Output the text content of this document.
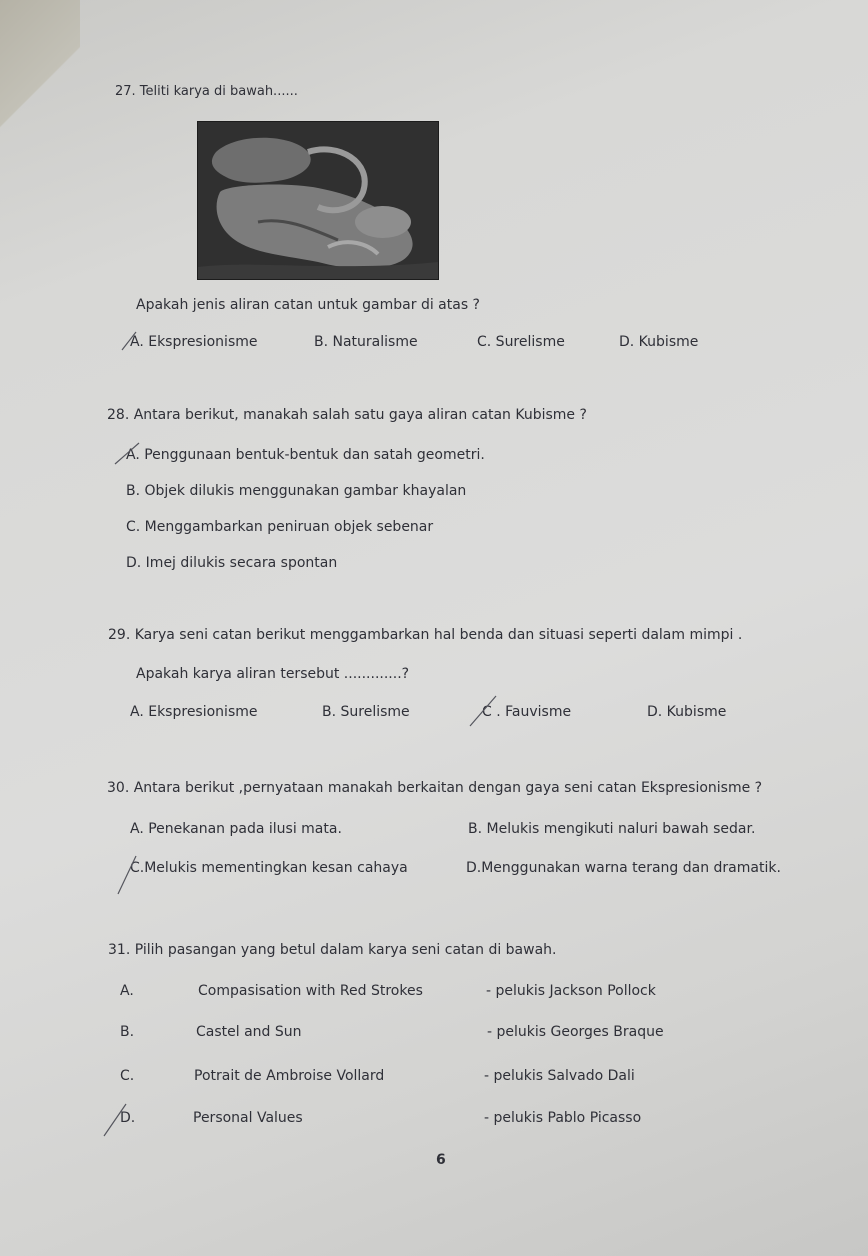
27. Teliti karya di bawah......
Apakah jenis aliran catan untuk gambar di atas ?
A. Ekspresionisme	B. Naturalisme	C. Surelisme	D. Kubisme
28. Antara berikut, manakah salah satu gaya aliran catan Kubisme ?
A. Penggunaan bentuk-bentuk dan satah geometri.
B. Objek dilukis menggunakan gambar khayalan
C. Menggambarkan peniruan objek sebenar
D. Imej dilukis secara spontan
29. Karya seni catan berikut menggambarkan hal benda dan situasi seperti dalam mimpi .
Apakah karya aliran tersebut .............?
A. Ekspresionisme	B. Surelisme	C . Fauvisme	D. Kubisme
30. Antara berikut ,pernyataan manakah berkaitan dengan gaya seni catan Ekspresionisme ?
A. Penekanan pada ilusi mata.	B. Melukis mengikuti naluri bawah sedar.
C.Melukis mementingkan kesan cahaya	D.Menggunakan warna terang dan dramatik.
31. Pilih pasangan yang betul dalam karya seni catan di bawah.
A.	Compasisation with Red Strokes	- pelukis Jackson Pollock
B.	Castel and Sun	- pelukis Georges Braque
C.	Potrait de Ambroise Vollard	- pelukis Salvado Dali
D.	Personal Values	- pelukis Pablo Picasso
6
